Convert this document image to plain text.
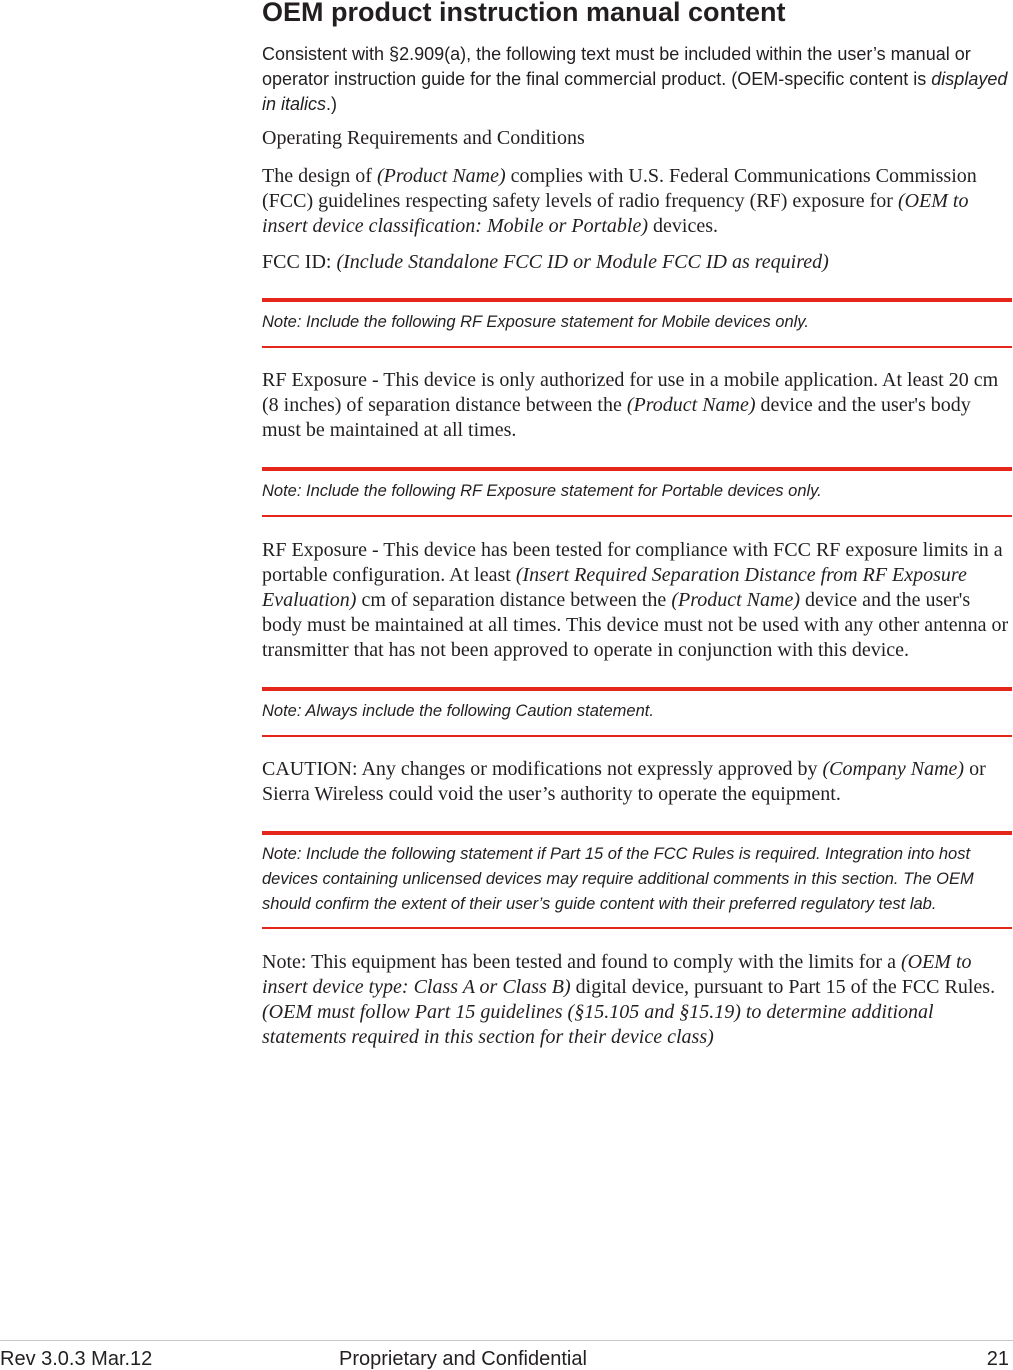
OEM product instruction manual content

Consistent with §2.909(a), the following text must be included within the user’s manual or operator instruction guide for the final commercial product. (OEM-specific content is displayed in italics.)

Operating Requirements and Conditions

The design of (Product Name) complies with U.S. Federal Communications Commission (FCC) guidelines respecting safety levels of radio frequency (RF) exposure for (OEM to insert device classification: Mobile or Portable) devices.

FCC ID: (Include Standalone FCC ID or Module FCC ID as required)

Note: Include the following RF Exposure statement for Mobile devices only.

RF Exposure - This device is only authorized for use in a mobile application. At least 20 cm (8 inches) of separation distance between the (Product Name) device and the user's body must be maintained at all times.

Note: Include the following RF Exposure statement for Portable devices only.

RF Exposure - This device has been tested for compliance with FCC RF exposure limits in a portable configuration. At least (Insert Required Separation Distance from RF Exposure Evaluation) cm of separation distance between the (Product Name) device and the user's body must be maintained at all times. This device must not be used with any other antenna or transmitter that has not been approved to operate in conjunction with this device.

Note: Always include the following Caution statement.

CAUTION: Any changes or modifications not expressly approved by (Company Name) or Sierra Wireless could void the user’s authority to operate the equipment.

Note: Include the following statement if Part 15 of the FCC Rules is required. Integration into host devices containing unlicensed devices may require additional comments in this section. The OEM should confirm the extent of their user’s guide content with their preferred regulatory test lab.

Note: This equipment has been tested and found to comply with the limits for a (OEM to insert device type: Class A or Class B) digital device, pursuant to Part 15 of the FCC Rules. (OEM must follow Part 15 guidelines (§15.105 and §15.19) to determine additional statements required in this section for their device class)

Rev 3.0.3 Mar.12	Proprietary and Confidential	21
